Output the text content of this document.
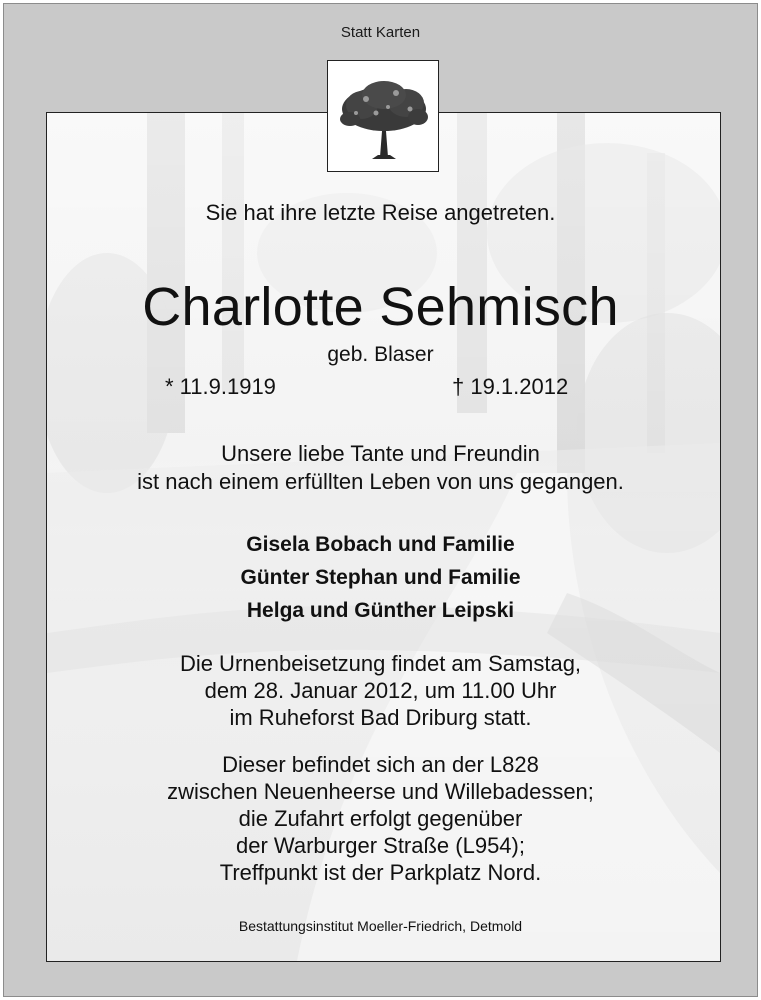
Statt Karten
Sie hat ihre letzte Reise angetreten.
Charlotte Sehmisch
geb. Blaser
* 11.9.1919	† 19.1.2012
Unsere liebe Tante und Freundin
ist nach einem erfüllten Leben von uns gegangen.
Gisela Bobach und Familie
Günter Stephan und Familie
Helga und Günther Leipski
Die Urnenbeisetzung findet am Samstag,
dem 28. Januar 2012, um 11.00 Uhr
im Ruheforst Bad Driburg statt.
Dieser befindet sich an der L828
zwischen Neuenheerse und Willebadessen;
die Zufahrt erfolgt gegenüber
der Warburger Straße (L954);
Treffpunkt ist der Parkplatz Nord.
Bestattungsinstitut Moeller-Friedrich, Detmold
